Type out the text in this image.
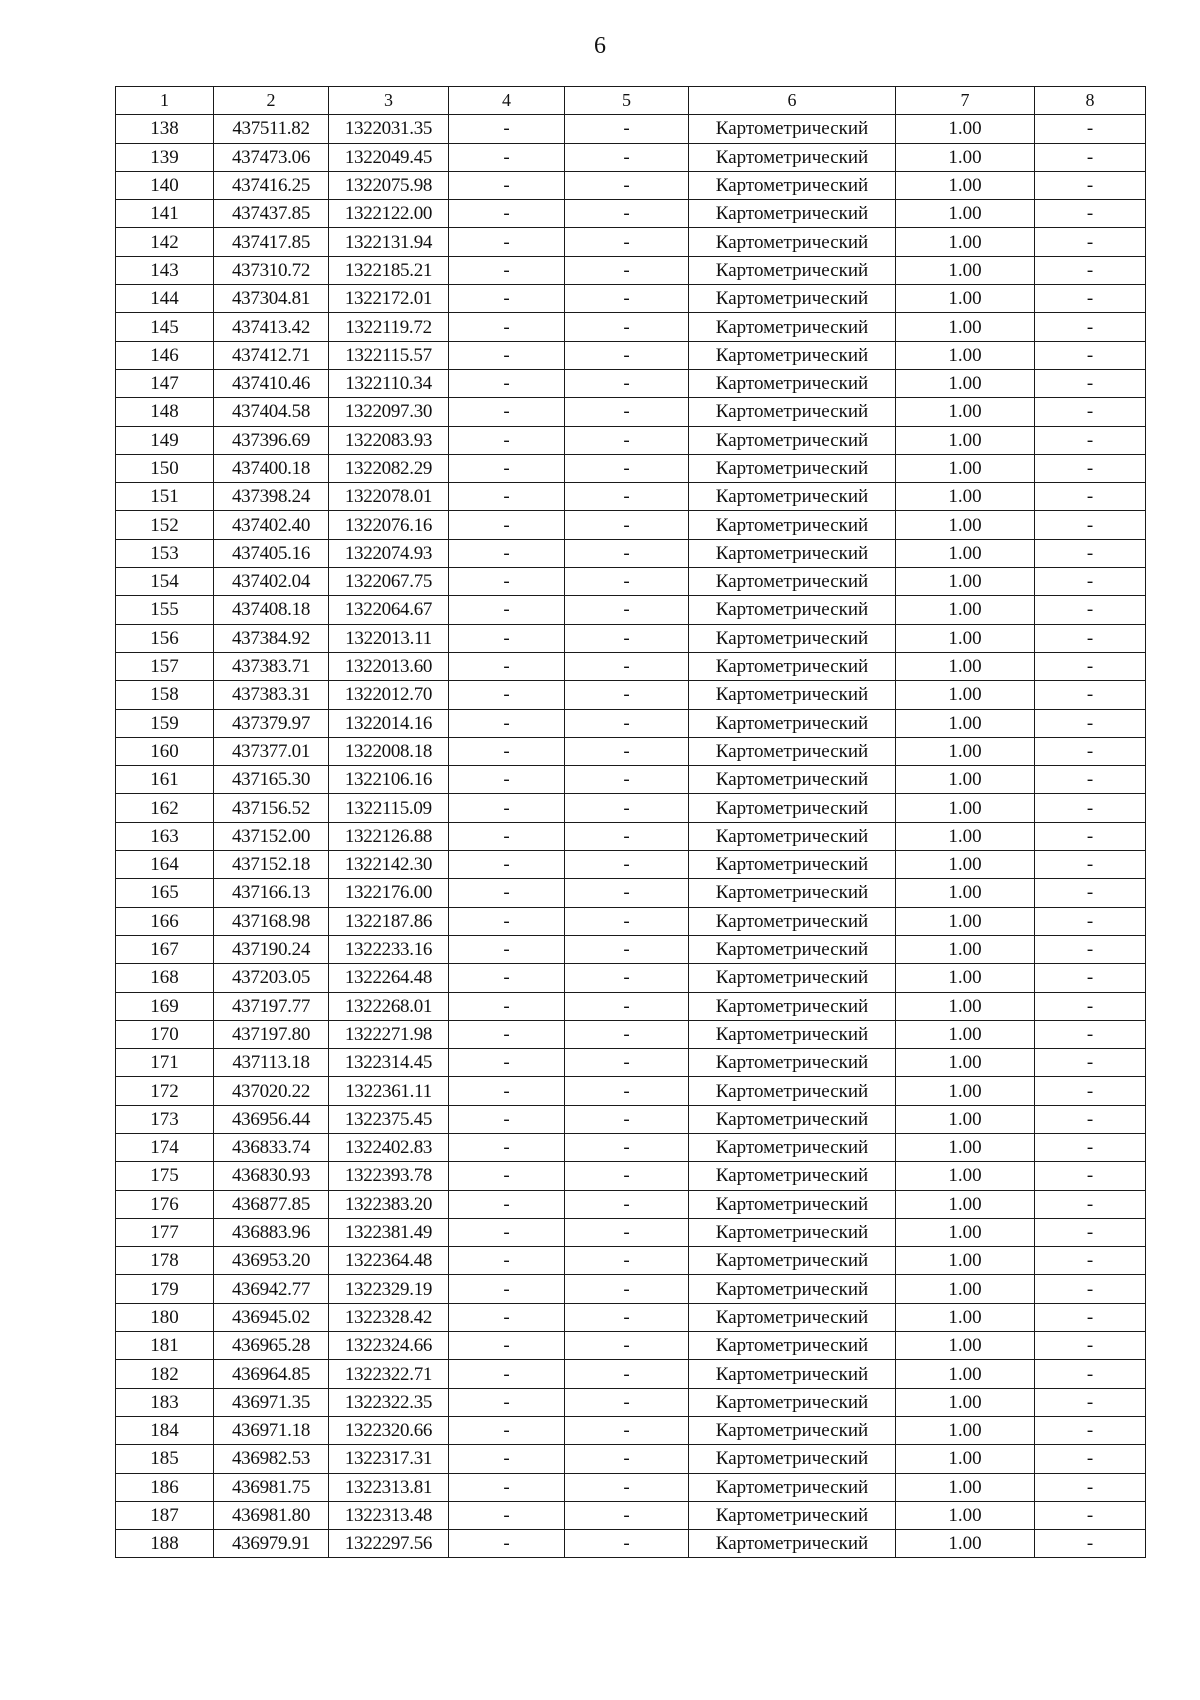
6
1	2	3	4	5	6	7	8
138	437511.82	1322031.35	-	-	Картометрический	1.00	-
139	437473.06	1322049.45	-	-	Картометрический	1.00	-
140	437416.25	1322075.98	-	-	Картометрический	1.00	-
141	437437.85	1322122.00	-	-	Картометрический	1.00	-
142	437417.85	1322131.94	-	-	Картометрический	1.00	-
143	437310.72	1322185.21	-	-	Картометрический	1.00	-
144	437304.81	1322172.01	-	-	Картометрический	1.00	-
145	437413.42	1322119.72	-	-	Картометрический	1.00	-
146	437412.71	1322115.57	-	-	Картометрический	1.00	-
147	437410.46	1322110.34	-	-	Картометрический	1.00	-
148	437404.58	1322097.30	-	-	Картометрический	1.00	-
149	437396.69	1322083.93	-	-	Картометрический	1.00	-
150	437400.18	1322082.29	-	-	Картометрический	1.00	-
151	437398.24	1322078.01	-	-	Картометрический	1.00	-
152	437402.40	1322076.16	-	-	Картометрический	1.00	-
153	437405.16	1322074.93	-	-	Картометрический	1.00	-
154	437402.04	1322067.75	-	-	Картометрический	1.00	-
155	437408.18	1322064.67	-	-	Картометрический	1.00	-
156	437384.92	1322013.11	-	-	Картометрический	1.00	-
157	437383.71	1322013.60	-	-	Картометрический	1.00	-
158	437383.31	1322012.70	-	-	Картометрический	1.00	-
159	437379.97	1322014.16	-	-	Картометрический	1.00	-
160	437377.01	1322008.18	-	-	Картометрический	1.00	-
161	437165.30	1322106.16	-	-	Картометрический	1.00	-
162	437156.52	1322115.09	-	-	Картометрический	1.00	-
163	437152.00	1322126.88	-	-	Картометрический	1.00	-
164	437152.18	1322142.30	-	-	Картометрический	1.00	-
165	437166.13	1322176.00	-	-	Картометрический	1.00	-
166	437168.98	1322187.86	-	-	Картометрический	1.00	-
167	437190.24	1322233.16	-	-	Картометрический	1.00	-
168	437203.05	1322264.48	-	-	Картометрический	1.00	-
169	437197.77	1322268.01	-	-	Картометрический	1.00	-
170	437197.80	1322271.98	-	-	Картометрический	1.00	-
171	437113.18	1322314.45	-	-	Картометрический	1.00	-
172	437020.22	1322361.11	-	-	Картометрический	1.00	-
173	436956.44	1322375.45	-	-	Картометрический	1.00	-
174	436833.74	1322402.83	-	-	Картометрический	1.00	-
175	436830.93	1322393.78	-	-	Картометрический	1.00	-
176	436877.85	1322383.20	-	-	Картометрический	1.00	-
177	436883.96	1322381.49	-	-	Картометрический	1.00	-
178	436953.20	1322364.48	-	-	Картометрический	1.00	-
179	436942.77	1322329.19	-	-	Картометрический	1.00	-
180	436945.02	1322328.42	-	-	Картометрический	1.00	-
181	436965.28	1322324.66	-	-	Картометрический	1.00	-
182	436964.85	1322322.71	-	-	Картометрический	1.00	-
183	436971.35	1322322.35	-	-	Картометрический	1.00	-
184	436971.18	1322320.66	-	-	Картометрический	1.00	-
185	436982.53	1322317.31	-	-	Картометрический	1.00	-
186	436981.75	1322313.81	-	-	Картометрический	1.00	-
187	436981.80	1322313.48	-	-	Картометрический	1.00	-
188	436979.91	1322297.56	-	-	Картометрический	1.00	-
